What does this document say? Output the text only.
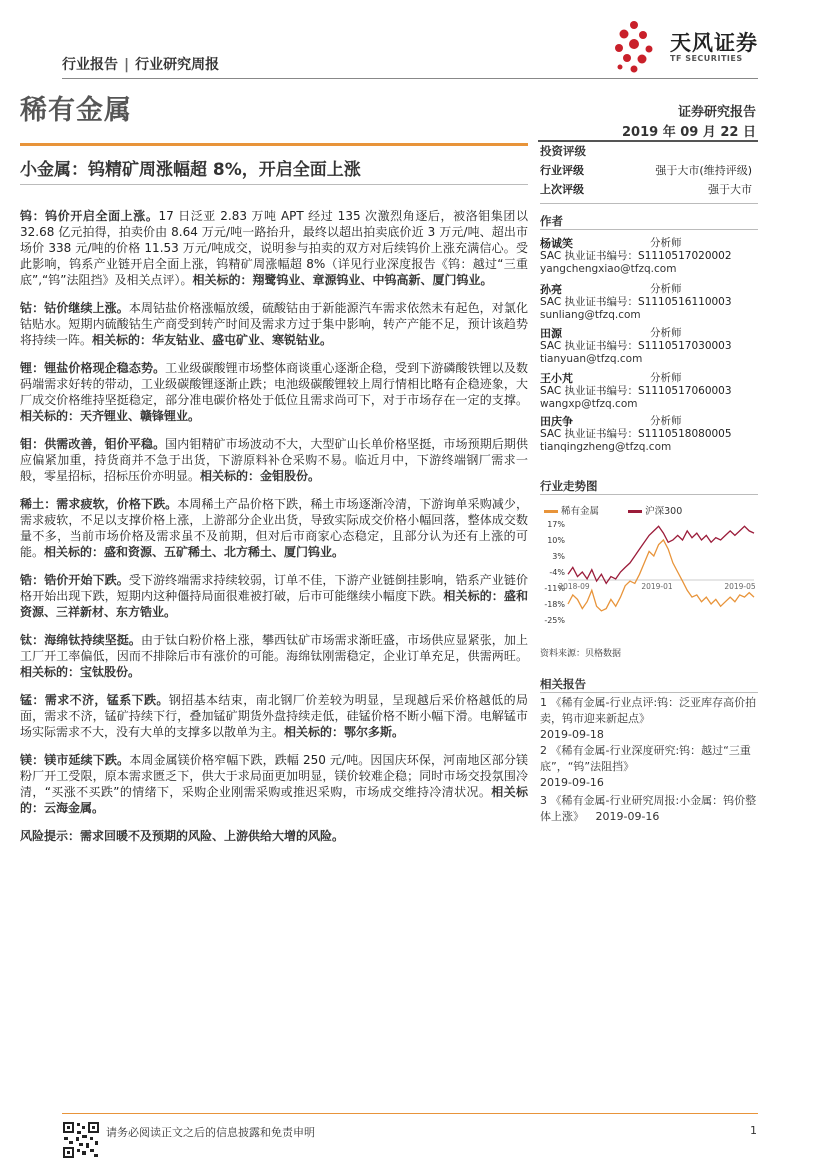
行业报告 | 行业研究周报
天风证券
TF SECURITIES
稀有金属	证券研究报告
2019 年 09 月 22 日
小金属：钨精矿周涨幅超 8%，开启全面上涨

钨：钨价开启全面上涨。17 日泛亚 2.83 万吨 APT 经过 135 次激烈角逐后，被洛钼集团以 32.68 亿元拍得，拍卖价由 8.64 万元/吨一路抬升，最终以超出拍卖底价近 3 万元/吨、超出市场价 338 元/吨的价格 11.53 万元/吨成交，说明参与拍卖的双方对后续钨价上涨充满信心。受此影响，钨系产业链开启全面上涨，钨精矿周涨幅超 8%（详见行业深度报告《钨：越过“三重底”,“钨”法阻挡》及相关点评）。相关标的：翔鹭钨业、章源钨业、中钨高新、厦门钨业。

钴：钴价继续上涨。本周钴盐价格涨幅放缓，硫酸钴由于新能源汽车需求依然未有起色，对氯化钴贴水。短期内硫酸钴生产商受到转产时间及需求方过于集中影响，转产产能不足，预计该趋势将持续一阵。相关标的：华友钴业、盛屯矿业、寒锐钴业。

锂：锂盐价格现企稳态势。工业级碳酸锂市场整体商谈重心逐渐企稳，受到下游磷酸铁锂以及数码端需求好转的带动，工业级碳酸锂逐渐止跌；电池级碳酸锂较上周行情相比略有企稳迹象，大厂成交价格维持坚挺稳定，部分准电碳价格处于低位且需求尚可下，对于市场存在一定的支撑。相关标的：天齐锂业、赣锋锂业。

钼：供需改善，钼价平稳。国内钼精矿市场波动不大，大型矿山长单价格坚挺，市场预期后期供应偏紧加重，持货商并不急于出货，下游原料补仓采购不易。临近月中，下游终端钢厂需求一般，零星招标，招标压价亦明显。相关标的：金钼股份。

稀土：需求疲软，价格下跌。本周稀土产品价格下跌，稀土市场逐渐冷清，下游询单采购减少，需求疲软，不足以支撑价格上涨，上游部分企业出货，导致实际成交价格小幅回落，整体成交数量不多，当前市场价格及需求虽不及前期，但对后市商家心态稳定，且部分认为还有上涨的可能。相关标的：盛和资源、五矿稀土、北方稀土、厦门钨业。

锆：锆价开始下跌。受下游终端需求持续较弱，订单不佳，下游产业链倒挂影响，锆系产业链价格开始出现下跌，短期内这种僵持局面很难被打破，后市可能继续小幅度下跌。相关标的：盛和资源、三祥新材、东方锆业。

钛：海绵钛持续坚挺。由于钛白粉价格上涨，攀西钛矿市场需求渐旺盛，市场供应显紧张，加上工厂开工率偏低，因而不排除后市有涨价的可能。海绵钛刚需稳定，企业订单充足，供需两旺。相关标的：宝钛股份。

锰：需求不济，锰系下跌。钢招基本结束，南北钢厂价差较为明显，呈现越后采价格越低的局面，需求不济，锰矿持续下行，叠加锰矿期货外盘持续走低，硅锰价格不断小幅下滑。电解锰市场实际需求不大，没有大单的支撑多以散单为主。相关标的：鄂尔多斯。

镁：镁市延续下跌。本周金属镁价格窄幅下跌，跌幅 250 元/吨。因国庆环保，河南地区部分镁粉厂开工受限，原本需求匮乏下，供大于求局面更加明显，镁价较难企稳；同时市场交投氛围冷清，“买涨不买跌”的情绪下，采购企业刚需采购或推迟采购，市场成交维持冷清状况。相关标的：云海金属。

风险提示：需求回暖不及预期的风险、上游供给大增的风险。

投资评级
行业评级	强于大市(维持评级)
上次评级	强于大市
作者
杨诚笑	分析师
SAC 执业证书编号：S1110517020002
yangchengxiao@tfzq.com
孙亮	分析师
SAC 执业证书编号：S1110516110003
sunliang@tfzq.com
田源	分析师
SAC 执业证书编号：S1110517030003
tianyuan@tfzq.com
王小芃	分析师
SAC 执业证书编号：S1110517060003
wangxp@tfzq.com
田庆争	分析师
SAC 执业证书编号：S1110518080005
tianqingzheng@tfzq.com
行业走势图
稀有金属	沪深300
17%
10%
3%
-4%
-11%
-18%
-25%
2018-09	2019-01	2019-05
资料来源：贝格数据
相关报告
1 《稀有金属-行业点评:钨：泛亚库存高价拍卖，钨市迎来新起点》
2019-09-18
2 《稀有金属-行业深度研究:钨：越过“三重底”，“钨”法阻挡》
2019-09-16
3 《稀有金属-行业研究周报:小金属：钨价整体上涨》 2019-09-16
请务必阅读正文之后的信息披露和免责申明	1
